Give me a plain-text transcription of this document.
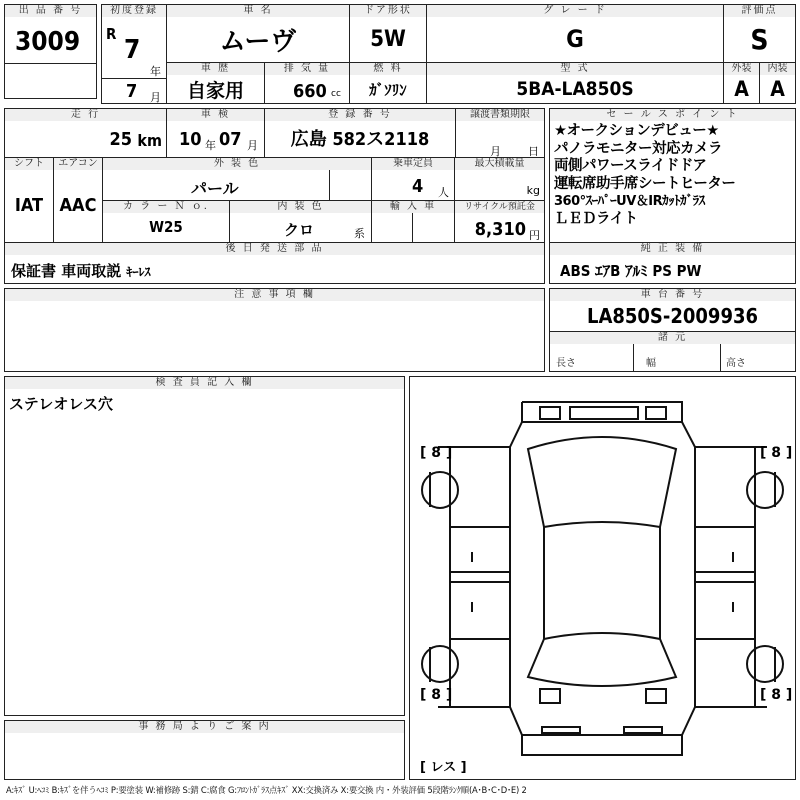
出 品 番 号
3009
初度登録
R
7
年
7 月
車 名
ムーヴ
ドア形状
5W
グ レ ー ド
G
評価点
S
車 歴
自家用
排 気 量
660 cc
燃 料
ｶﾞｿﾘﾝ
型 式
5BA-LA850S
外装
A
内装
A
走 行
25 km
車 検
10 年 07 月
登 録 番 号
広島 582ス2118
譲渡書類期限
月 日
シフト
IAT
エアコン
AAC
外 装 色
パール
乗車定員
4 人
最大積載量
kg
カ ラ ー Ｎ ｏ.
W25
内 装 色
クロ	系
輸 入 車	リサイクル預託金
8,310 円
セ ー ル ス ポ イ ン ト
★オークションデビュー★
パノラモニター対応カメラ
両側パワースライドドア
運転席助手席シートヒーター
360°ｽｰﾊﾟｰUV＆IRｶｯﾄｶﾞﾗｽ
ＬＥＤライト
後 日 発 送 部 品
保証書 車両取説 ｷｰﾚｽ
純 正 装 備
ABS ｴｱB ｱﾙﾐ PS PW
注 意 事 項 欄	車 台 番 号
LA850S-2009936
諸 元
長さ	幅	高さ
検 査 員 記 入 欄
ステレオレス穴
[ 8 ]	[ 8 ]
[ 8 ]	[ 8 ]
[ レス ]
事 務 局 よ り ご 案 内
A:ｷｽﾞ U:ﾍｺﾐ B:ｷｽﾞを伴うﾍｺﾐ P:要塗装 W:補修跡 S:錆 C:腐食 G:ﾌﾛﾝﾄｶﾞﾗｽ点ｷｽﾞ XX:交換済み X:要交換 内・外装評価 5段階ﾗﾝｸ順(A･B･C･D･E) 2
